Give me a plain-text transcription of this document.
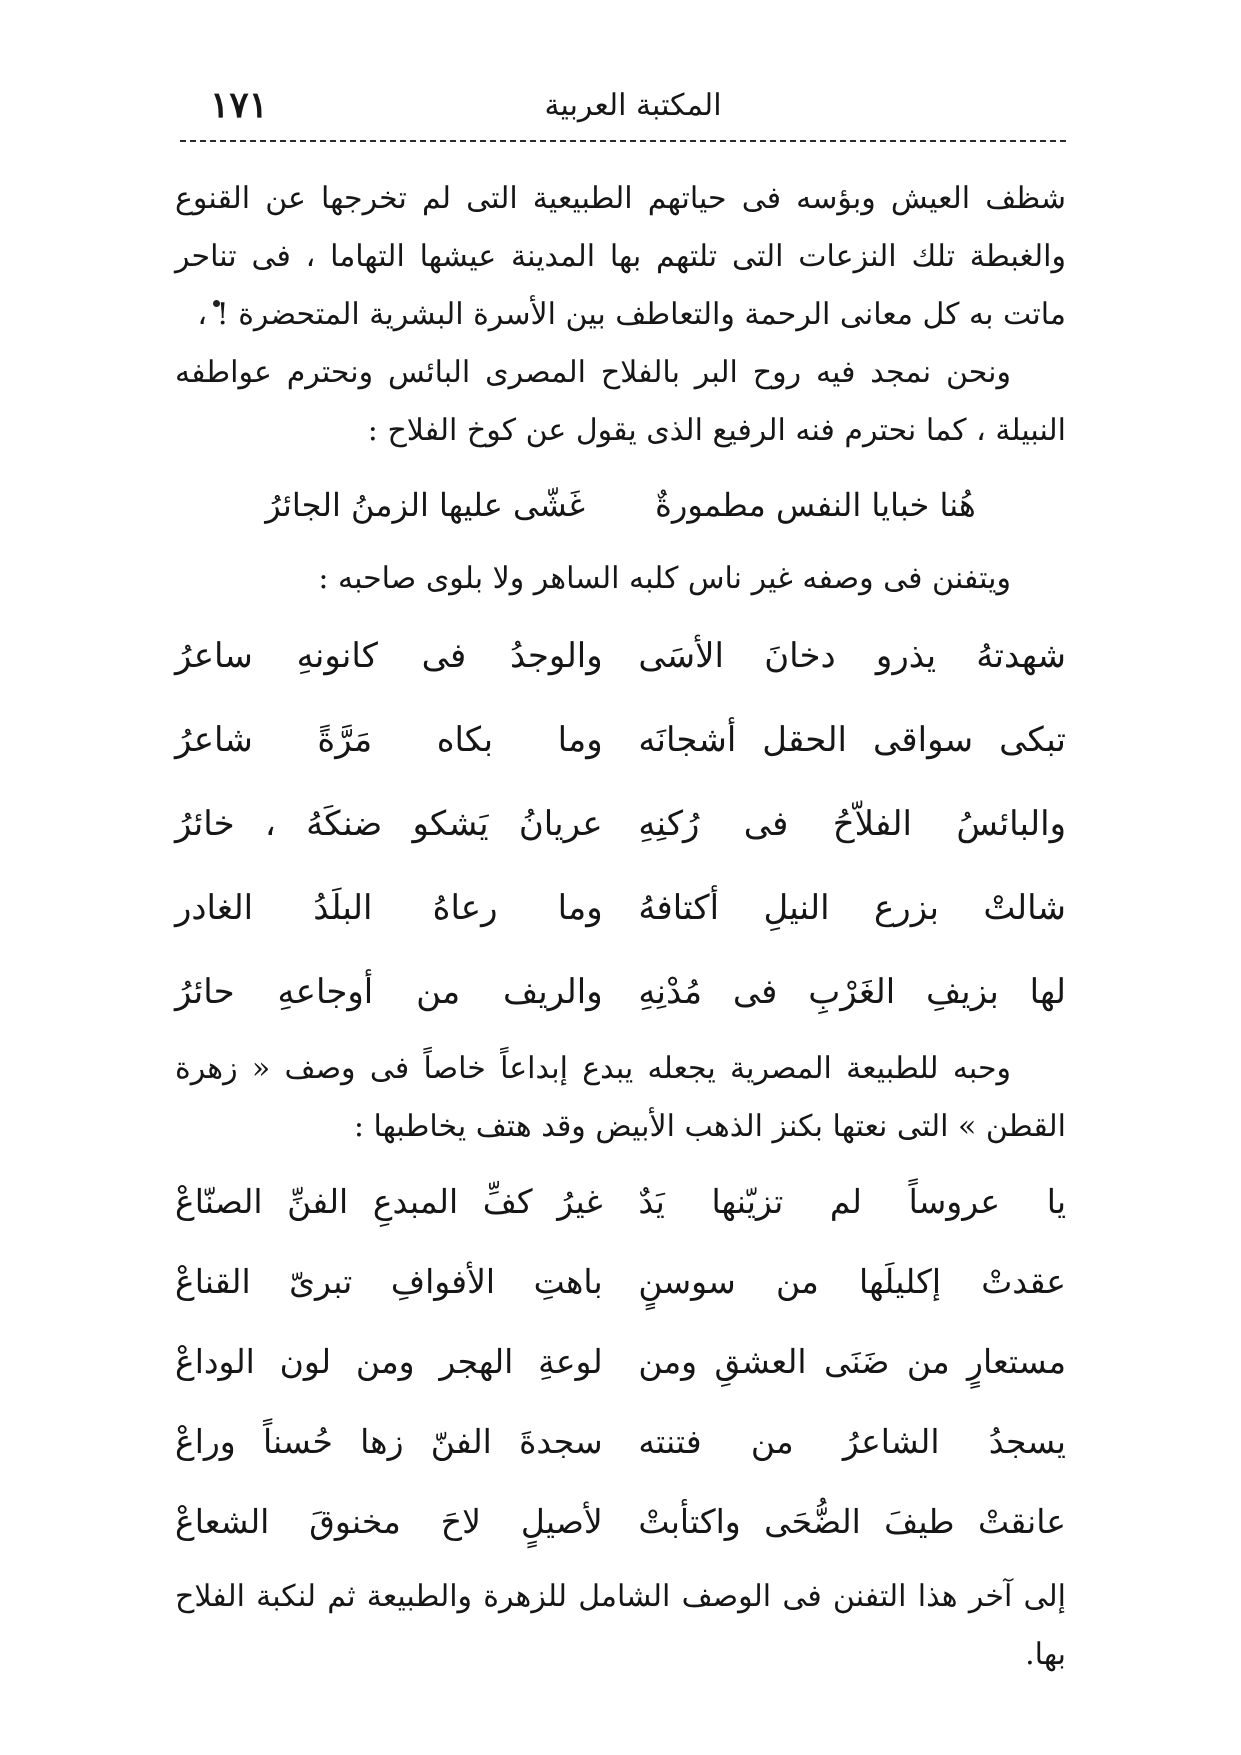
المكتبة العربية
١٧١

شظف العيش وبؤسه فى حياتهم الطبيعية التى لم تخرجها عن القنوع والغبطة تلك النزعات التى تلتهم بها المدينة عيشها التهاما ، فى تناحر ماتت به كل معانى الرحمة والتعاطف بين الأسرة البشرية المتحضرة ! ،

ونحن نمجد فيه روح البر بالفلاح المصرى البائس ونحترم عواطفه النبيلة ، كما نحترم فنه الرفيع الذى يقول عن كوخ الفلاح :

هُنا خبايا النفس مطمورةٌ غَشّى عليها الزمنُ الجائرُ

ويتفنن فى وصفه غير ناس كلبه الساهر ولا بلوى صاحبه :

شهدتهُ يذرو دخانَ الأسَى
والوجدُ فى كانونهِ ساعرُ
تبكى سواقى الحقل أشجانَه
وما بكاه مَرَّةً شاعرُ
والبائسُ الفلاّحُ فى رُكنِهِ
عريانُ يَشكو ضنكَهُ ، خائرُ
شالتْ بزرع النيلِ أكتافهُ
وما رعاهُ البلَدُ الغادر
لها بزيفِ الغَرْبِ فى مُدْنِهِ
والريف من أوجاعهِ حائرُ

وحبه للطبيعة المصرية يجعله يبدع إبداعاً خاصاً فى وصف « زهرة القطن » التى نعتها بكنز الذهب الأبيض وقد هتف يخاطبها :

يا عروساً لم تزيّنها يَدٌ
غيرُ كفِّ المبدعِ الفنِّ الصنّاعْ
عقدتْ إكليلَها من سوسنٍ
باهتِ الأفوافِ تبرىّ القناعْ
مستعارٍ من ضَنَى العشقِ ومن
لوعةِ الهجر ومن لون الوداعْ
يسجدُ الشاعرُ من فتنته
سجدةَ الفنّ زها حُسناً وراعْ
عانقتْ طيفَ الضُّحَى واكتأبتْ
لأصيلٍ لاحَ مخنوقَ الشعاعْ

إلى آخر هذا التفنن فى الوصف الشامل للزهرة والطبيعة ثم لنكبة الفلاح بها.
